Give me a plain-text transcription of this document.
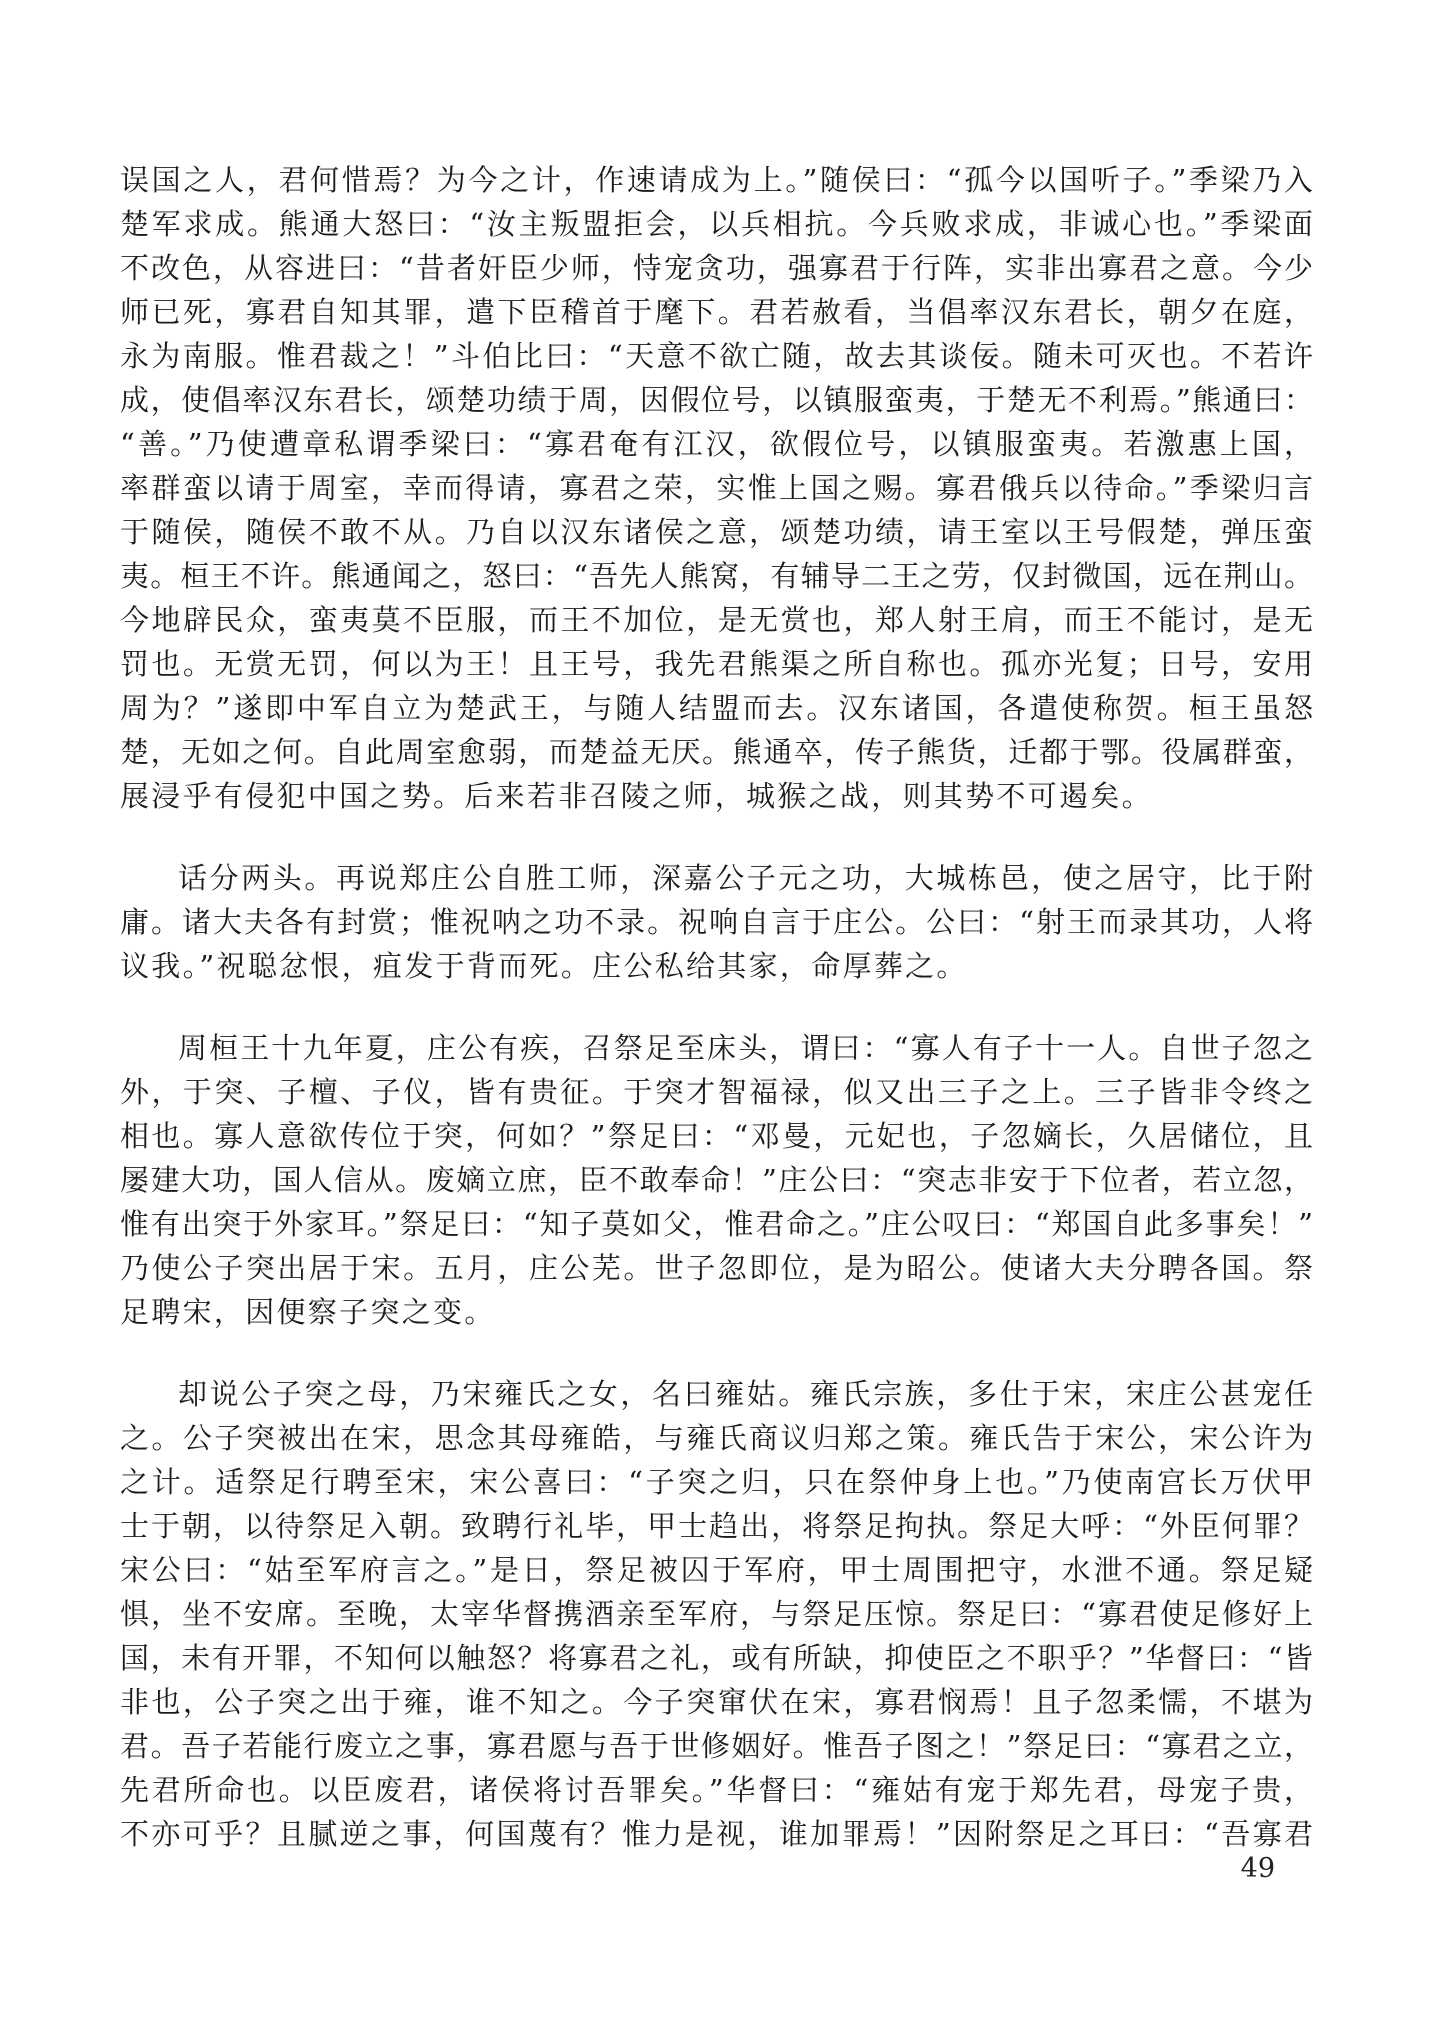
误国之人，君何惜焉？为今之计，作速请成为上。”随侯曰：“孤今以国听子。”季梁乃入
楚军求成。熊通大怒曰：“汝主叛盟拒会，以兵相抗。今兵败求成，非诚心也。”季梁面
不改色，从容进曰：“昔者奸臣少师，恃宠贪功，强寡君于行阵，实非出寡君之意。今少
师已死，寡君自知其罪，遣下臣稽首于麾下。君若赦看，当倡率汉东君长，朝夕在庭，
永为南服。惟君裁之！”斗伯比曰：“天意不欲亡随，故去其谈佞。随未可灭也。不若许
成，使倡率汉东君长，颂楚功绩于周，因假位号，以镇服蛮夷，于楚无不利焉。”熊通曰：
“善。”乃使遭章私谓季梁曰：“寡君奄有江汉，欲假位号，以镇服蛮夷。若激惠上国，
率群蛮以请于周室，幸而得请，寡君之荣，实惟上国之赐。寡君俄兵以待命。”季梁归言
于随侯，随侯不敢不从。乃自以汉东诸侯之意，颂楚功绩，请王室以王号假楚，弹压蛮
夷。桓王不许。熊通闻之，怒曰：“吾先人熊窝，有辅导二王之劳，仅封微国，远在荆山。
今地辟民众，蛮夷莫不臣服，而王不加位，是无赏也，郑人射王肩，而王不能讨，是无
罚也。无赏无罚，何以为王！且王号，我先君熊渠之所自称也。孤亦光复；日号，安用
周为？”遂即中军自立为楚武王，与随人结盟而去。汉东诸国，各遣使称贺。桓王虽怒
楚，无如之何。自此周室愈弱，而楚益无厌。熊通卒，传子熊货，迁都于鄂。役属群蛮，
展浸乎有侵犯中国之势。后来若非召陵之师，城猴之战，则其势不可遏矣。
话分两头。再说郑庄公自胜工师，深嘉公子元之功，大城栋邑，使之居守，比于附
庸。诸大夫各有封赏；惟祝呐之功不录。祝响自言于庄公。公曰：“射王而录其功，人将
议我。”祝聪忿恨，疽发于背而死。庄公私给其家，命厚葬之。
周桓王十九年夏，庄公有疾，召祭足至床头，谓曰：“寡人有子十一人。自世子忽之
外，于突、子檀、子仪，皆有贵征。于突才智福禄，似又出三子之上。三子皆非令终之
相也。寡人意欲传位于突，何如？”祭足曰：“邓曼，元妃也，子忽嫡长，久居储位，且
屡建大功，国人信从。废嫡立庶，臣不敢奉命！”庄公曰：“突志非安于下位者，若立忽，
惟有出突于外家耳。”祭足曰：“知子莫如父，惟君命之。”庄公叹曰：“郑国自此多事矣！”
乃使公子突出居于宋。五月，庄公芜。世子忽即位，是为昭公。使诸大夫分聘各国。祭
足聘宋，因便察子突之变。
却说公子突之母，乃宋雍氏之女，名曰雍姑。雍氏宗族，多仕于宋，宋庄公甚宠任
之。公子突被出在宋，思念其母雍皓，与雍氏商议归郑之策。雍氏告于宋公，宋公许为
之计。适祭足行聘至宋，宋公喜曰：“子突之归，只在祭仲身上也。”乃使南宫长万伏甲
士于朝，以待祭足入朝。致聘行礼毕，甲士趋出，将祭足拘执。祭足大呼：“外臣何罪？
宋公曰：“姑至军府言之。”是日，祭足被囚于军府，甲士周围把守，水泄不通。祭足疑
惧，坐不安席。至晚，太宰华督携酒亲至军府，与祭足压惊。祭足曰：“寡君使足修好上
国，未有开罪，不知何以触怒？将寡君之礼，或有所缺，抑使臣之不职乎？”华督曰：“皆
非也，公子突之出于雍，谁不知之。今子突窜伏在宋，寡君悯焉！且子忽柔懦，不堪为
君。吾子若能行废立之事，寡君愿与吾于世修姻好。惟吾子图之！”祭足曰：“寡君之立，
先君所命也。以臣废君，诸侯将讨吾罪矣。”华督曰：“雍姑有宠于郑先君，母宠子贵，
不亦可乎？且腻逆之事，何国蔑有？惟力是视，谁加罪焉！”因附祭足之耳曰：“吾寡君
49
